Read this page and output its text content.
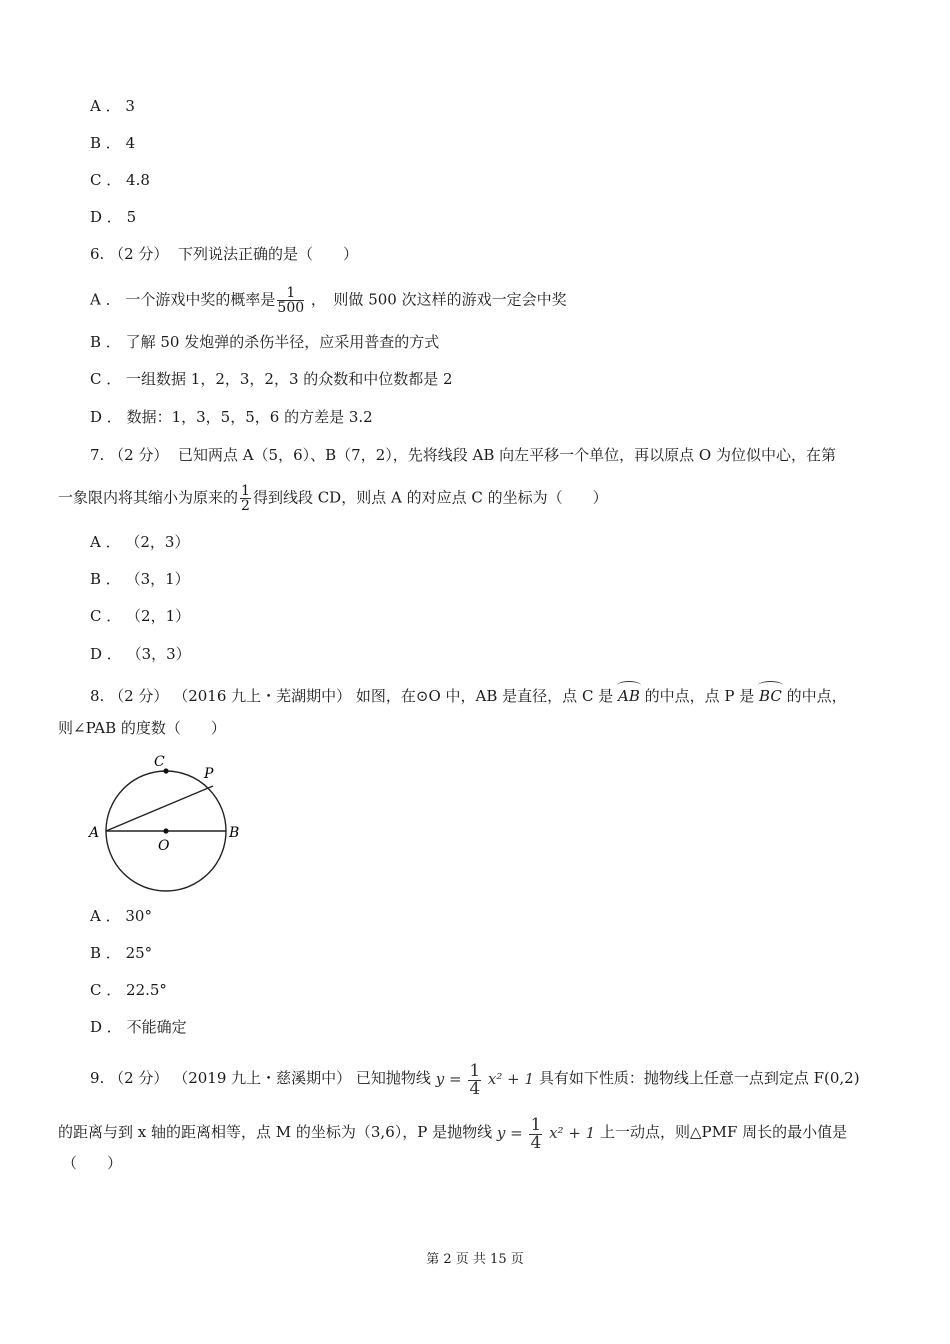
A ． 3
B ． 4
C ． 4.8
D ． 5
6. （2 分） 下列说法正确的是（　　）
A ． 一个游戏中奖的概率是 $\frac{1}{500}$ ，　则做 500 次这样的游戏一定会中奖
B ． 了解 50 发炮弹的杀伤半径，应采用普查的方式
C ． 一组数据 1，2，3，2，3 的众数和中位数都是 2
D ． 数据：1，3，5，5，6 的方差是 3.2
7. （2 分） 已知两点 A（5，6）、B（7，2），先将线段 AB 向左平移一个单位，再以原点 O 为位似中心，在第
一象限内将其缩小为原来的 $\frac{1}{2}$ 得到线段 CD，则点 A 的对应点 C 的坐标为（　　）
A ． （2，3）
B ． （3，1）
C ． （2，1）
D ． （3，3）
8. （2 分） （2016 九上・芜湖期中） 如图，在⊙O 中，AB 是直径，点 C 是 AB 的中点，点 P 是 BC 的中点，
则∠PAB 的度数（　　）
C
P
A	B
O
A ． 30°
B ． 25°
C ． 22.5°
D ． 不能确定
9. （2 分） （2019 九上・慈溪期中） 已知抛物线 $y = \frac{1}{4} x^2 + 1$ 具有如下性质：抛物线上任意一点到定点 F(0,2)
的距离与到 x 轴的距离相等，点 M 的坐标为（3,6），P 是抛物线 $y = \frac{1}{4} x^2 + 1$ 上一动点，则△PMF 周长的最小值是
（　　）
第 2 页 共 15 页
